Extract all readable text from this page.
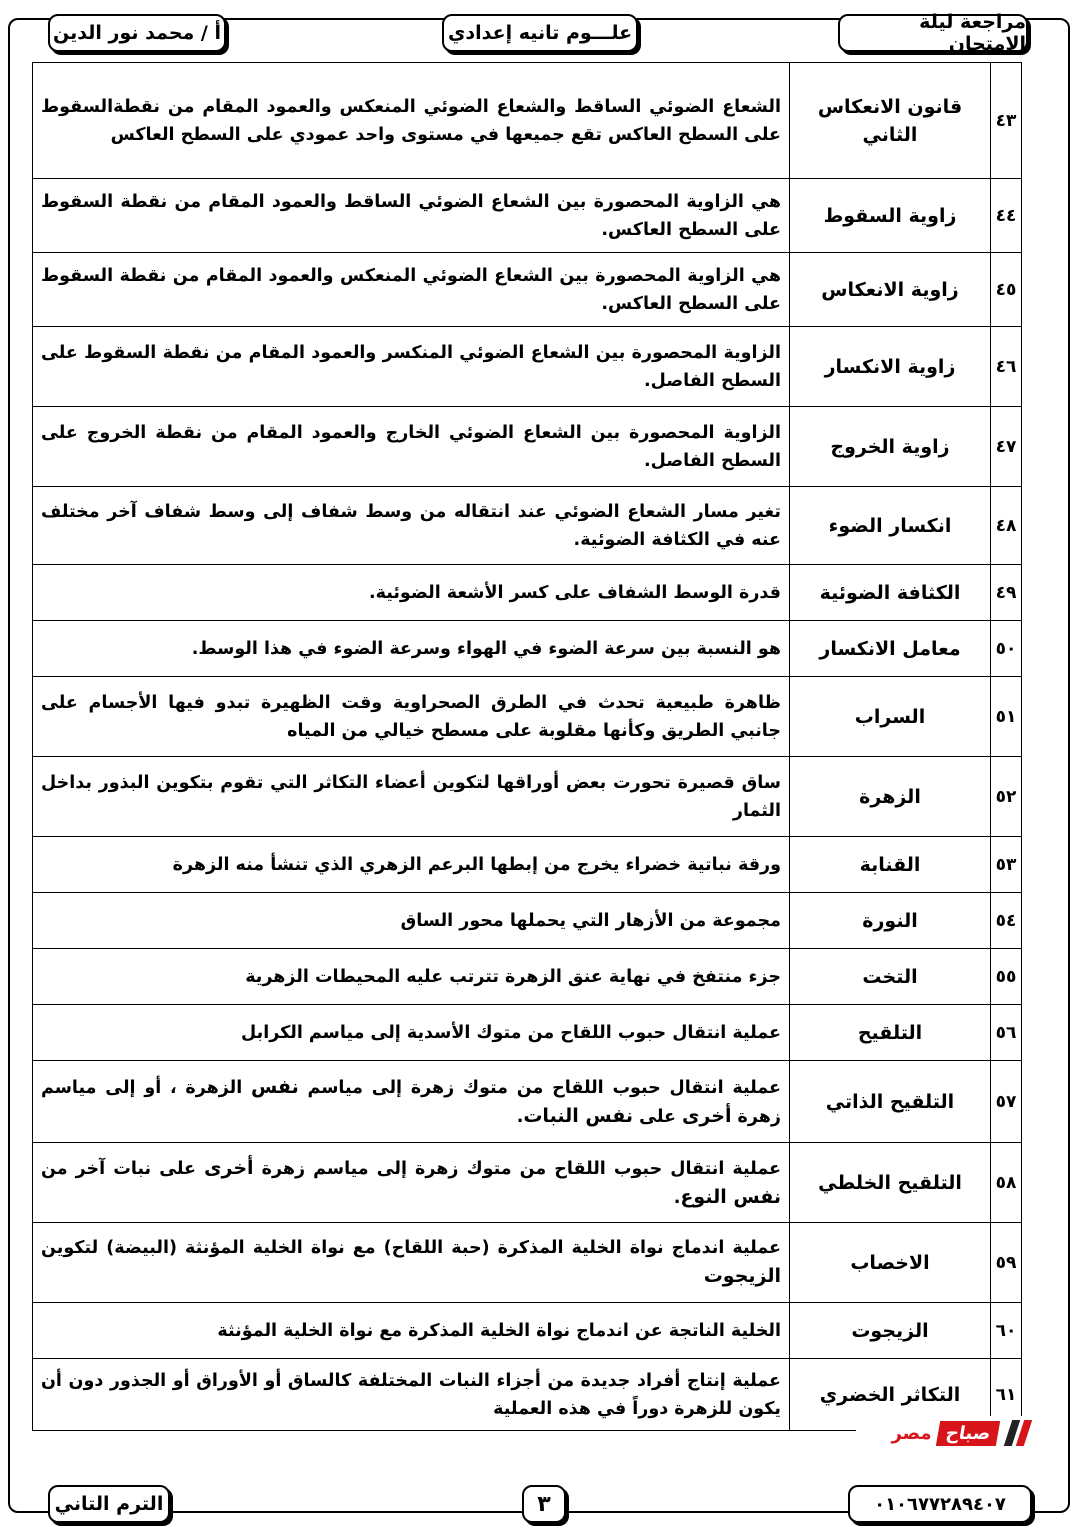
مراجعة ليلة الامتحان
علـــوم تانيه إعدادي
أ / محمد نور الدين
٤٣	قانون الانعكاس الثاني	الشعاع الضوئي الساقط والشعاع الضوئي المنعكس والعمود المقام من نقطةالسقوط على السطح العاكس تقع جميعها في مستوى واحد عمودي على السطح العاكس
٤٤	زاوية السقوط	هي الزاوية المحصورة بين الشعاع الضوئي الساقط والعمود المقام من نقطة السقوط على السطح العاكس.
٤٥	زاوية الانعكاس	هي الزاوية المحصورة بين الشعاع الضوئي المنعكس والعمود المقام من نقطة السقوط على السطح العاكس.
٤٦	زاوية الانكسار	الزاوية المحصورة بين الشعاع الضوئي المنكسر والعمود المقام من نقطة السقوط على السطح الفاصل.
٤٧	زاوية الخروج	الزاوية المحصورة بين الشعاع الضوئي الخارج والعمود المقام من نقطة الخروج على السطح الفاصل.
٤٨	انكسار الضوء	تغير مسار الشعاع الضوئي عند انتقاله من وسط شفاف إلى وسط شفاف آخر مختلف عنه في الكثافة الضوئية.
٤٩	الكثافة الضوئية	قدرة الوسط الشفاف على كسر الأشعة الضوئية.
٥٠	معامل الانكسار	هو النسبة بين سرعة الضوء في الهواء وسرعة الضوء في هذا الوسط.
٥١	السراب	ظاهرة طبيعية تحدث في الطرق الصحراوية وقت الظهيرة تبدو فيها الأجسام على جانبي الطريق وكأنها مقلوبة على مسطح خيالي من المياه
٥٢	الزهرة	ساق قصيرة تحورت بعض أوراقها لتكوين أعضاء التكاثر التي تقوم بتكوين البذور بداخل الثمار
٥٣	القنابة	ورقة نباتية خضراء يخرج من إبطها البرعم الزهري الذي تنشأ منه الزهرة
٥٤	النورة	مجموعة من الأزهار التي يحملها محور الساق
٥٥	التخت	جزء منتفخ في نهاية عنق الزهرة تترتب عليه المحيطات الزهرية
٥٦	التلقيح	عملية انتقال حبوب اللقاح من متوك الأسدية إلى مياسم الكرابل
٥٧	التلقيح الذاتي	عملية انتقال حبوب اللقاح من متوك زهرة إلى مياسم نفس الزهرة ، أو إلى مياسم زهرة أخرى على نفس النبات.
٥٨	التلقيح الخلطي	عملية انتقال حبوب اللقاح من متوك زهرة إلى مياسم زهرة أخرى على نبات آخر من نفس النوع.
٥٩	الاخصاب	عملية اندماج نواة الخلية المذكرة (حبة اللقاح) مع نواة الخلية المؤنثة (البيضة) لتكوين الزيجوت
٦٠	الزيجوت	الخلية الناتجة عن اندماج نواة الخلية المذكرة مع نواة الخلية المؤنثة
٦١	التكاثر الخضري	عملية إنتاج أفراد جديدة من أجزاء النبات المختلفة كالساق أو الأوراق أو الجذور دون أن يكون للزهرة دوراً في هذه العملية
صباح
مصر
الترم التاني	٣	٠١٠٦٧٧٢٨٩٤٠٧
